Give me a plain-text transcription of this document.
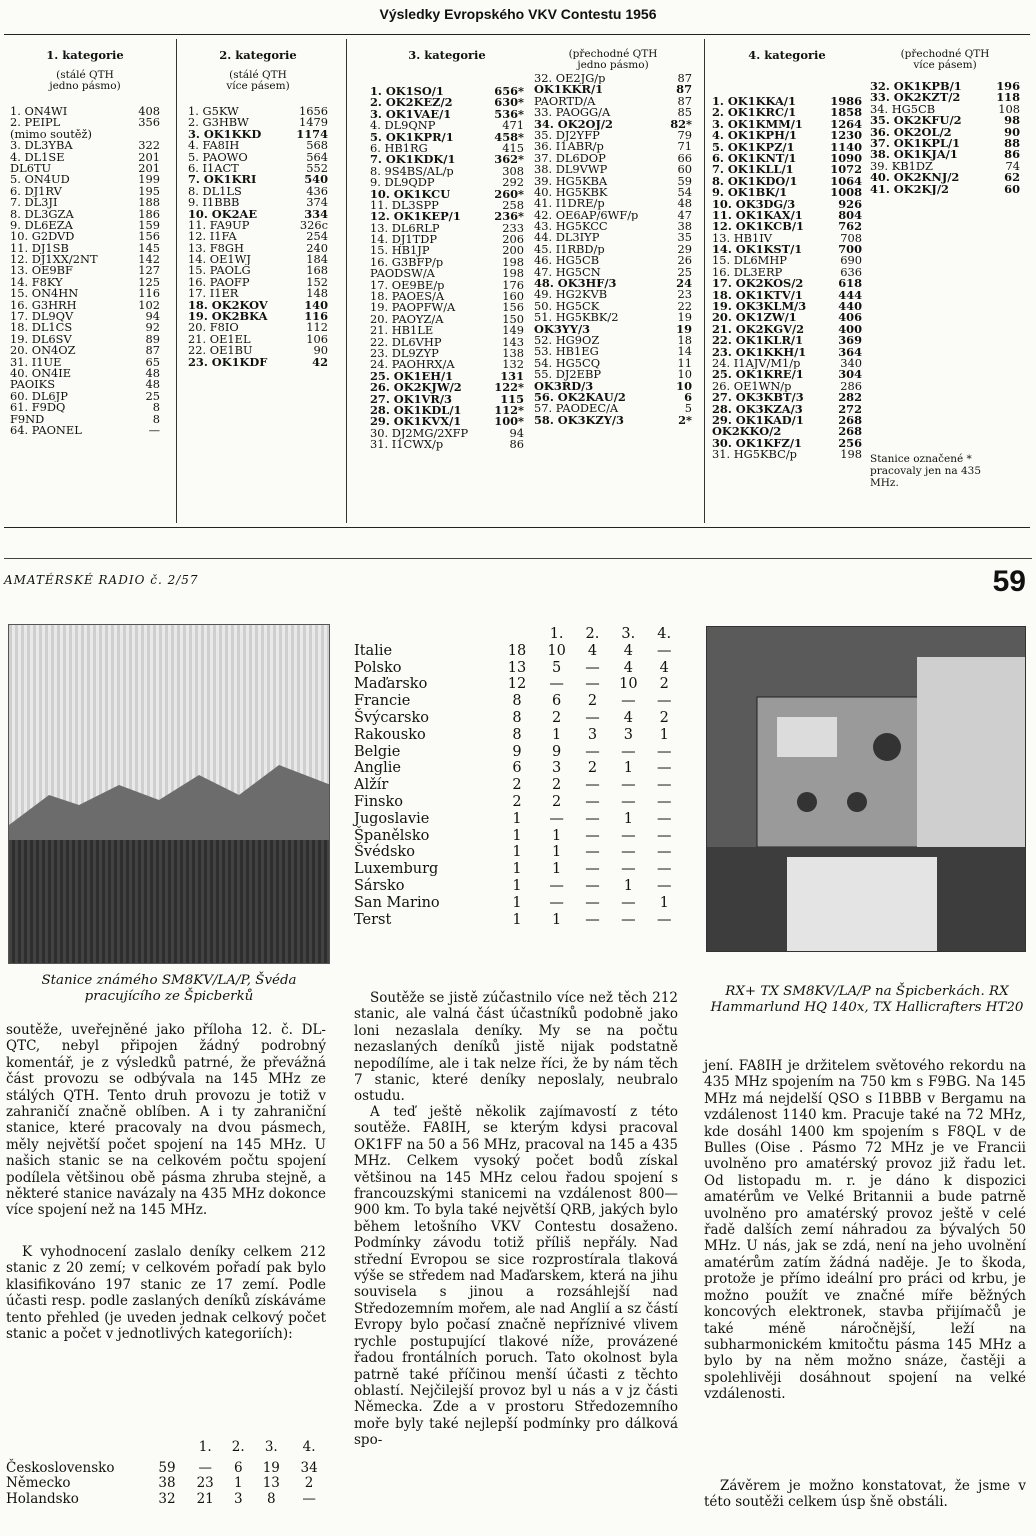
Výsledky Evropského VKV Contestu 1956
1. kategorie
(stálé QTH
jedno pásmo)
1. ON4WI	408
2. PEIPL	356
(mimo soutěž)
3. DL3YBA	322
4. DL1SE	201
DL6TU	201
5. ON4UD	199
6. DJ1RV	195
7. DL3JI	188
8. DL3GZA	186
9. DL6EZA	159
10. G2DVD	156
11. DJ1SB	145
12. DJ1XX/2NT	142
13. OE9BF	127
14. F8KY	125
15. ON4HN	116
16. G3HRH	102
17. DL9QV	94
18. DL1CS	92
19. DL6SV	89
20. ON4OZ	87
31. I1UE	65
40. ON4IE	48
PAOIKS	48
60. DL6JP	25
61. F9DQ	8
F9ND	8
64. PAONEL	—
2. kategorie
(stálé QTH
více pásem)
1. G5KW	1656
2. G3HBW	1479
3. OK1KKD	1174
4. FA8IH	568
5. PAOWO	564
6. I1ACT	552
7. OK1KRI	540
8. DL1LS	436
9. I1BBB	374
10. OK2AE	334
11. FA9UP	326c
12. I1FA	254
13. F8GH	240
14. OE1WJ	184
15. PAOLG	168
16. PAOFP	152
17. I1ER	148
18. OK2KOV	140
19. OK2BKA	116
20. F8IO	112
21. OE1EL	106
22. OE1BU	90
23. OK1KDF	42
3. kategorie
1. OK1SO/1	656*
2. OK2KEZ/2	630*
3. OK1VAE/1	536*
4. DL9QNP	471
5. OK1KPR/1	458*
6. HB1RG	415
7. OK1KDK/1	362*
8. 9S4BS/AL/p	308
9. DL9QDP	292
10. OK1KCU	260*
11. DL3SPP	258
12. OK1KEP/1	236*
13. DL6RLP	233
14. DJ1TDP	206
15. HB1JP	200
16. G3BFP/p	198
PAODSW/A	198
17. OE9BE/p	176
18. PAOES/A	160
19. PAOPFW/A	156
20. PAOYZ/A	150
21. HB1LE	149
22. DL6VHP	143
23. DL9ZYP	138
24. PAOHRX/A	132
25. OK1EH/1	131
26. OK2KJW/2	122*
27. OK1VR/3	115
28. OK1KDL/1	112*
29. OK1KVX/1	100*
30. DJ2MG/2XFP	94
31. I1CWX/p	86
(přechodné QTH
jedno pásmo)
32. OE2JG/p	87
OK1KKR/1	87
PAORTD/A	87
33. PAOGG/A	85
34. OK2OJ/2	82*
35. DJ2YFP	79
36. I1ABR/p	71
37. DL6DOP	66
38. DL9VWP	60
39. HG5KBA	59
40. HG5KBK	54
41. I1DRE/p	48
42. OE6AP/6WF/p	47
43. HG5KCC	38
44. DL3IYP	35
45. I1RBD/p	29
46. HG5CB	26
47. HG5CN	25
48. OK3HF/3	24
49. HG2KVB	23
50. HG5CK	22
51. HG5KBK/2	19
OK3YY/3	19
52. HG9OZ	18
53. HB1EG	14
54. HG5CQ	11
55. DJ2EBP	10
OK3RD/3	10
56. OK2KAU/2	6
57. PAODEC/A	5
58. OK3KZY/3	2*
4. kategorie
1. OK1KKA/1	1986
2. OK1KRC/1	1858
3. OK1KMM/1	1264
4. OK1KPH/1	1230
5. OK1KPZ/1	1140
6. OK1KNT/1	1090
7. OK1KLL/1	1072
8. OK1KDO/1	1064
9. OK1BK/1	1008
10. OK3DG/3	926
11. OK1KAX/1	804
12. OK1KCB/1	762
13. HB1IV	708
14. OK1KST/1	700
15. DL6MHP	690
16. DL3ERP	636
17. OK2KOS/2	618
18. OK1KTV/1	444
19. OK3KLM/3	440
20. OK1ZW/1	406
21. OK2KGV/2	400
22. OK1KLR/1	369
23. OK1KKH/1	364
24. I1AJV/M1/p	340
25. OK1KRE/1	304
26. OE1WN/p	286
27. OK3KBT/3	282
28. OK3KZA/3	272
29. OK1KAD/1	268
OK2KKO/2	268
30. OK1KFZ/1	256
31. HG5KBC/p	198
(přechodné QTH
více pásem)
32. OK1KPB/1	196
33. OK2KZT/2	118
34. HG5CB	108
35. OK2KFU/2	98
36. OK2OL/2	90
37. OK1KPL/1	88
38. OK1KJA/1	86
39. KB1DZ	74
40. OK2KNJ/2	62
41. OK2KJ/2	60
Stanice označené * pracovaly jen na 435 MHz.
AMATÉRSKÉ RADIO č. 2/57	59
Stanice známého SM8KV/LA/P, Švéda pracujícího ze Špicberků
soutěže, uveřejněné jako příloha 12. č. DL-QTC, nebyl připojen žádný podrobný komentář, je z výsledků patrné, že převážná část provozu se odbývala na 145 MHz ze stálých QTH. Tento druh provozu je totiž v zahraničí značně oblíben. A i ty zahraniční stanice, které pracovaly na dvou pásmech, měly největší počet spojení na 145 MHz. U našich stanic se na celkovém počtu spojení podílela většinou obě pásma zhruba stejně, a některé stanice navázaly na 435 MHz dokonce více spojení než na 145 MHz.
K vyhodnocení zaslalo deníky celkem 212 stanic z 20 zemí; v celkovém pořadí pak bylo klasifikováno 197 stanic ze 17 zemí. Podle účasti resp. podle zaslaných deníků získáváme tento přehled (je uveden jednak celkový počet stanic a počet v jednotlivých kategoriích):
		1.	2.	3.	4.

Československo	59	—	6	19	34
Německo	38	23	1	13	2
Holandsko	32	21	3	8	—
		1.	2.	3.	4.
Italie	18	10	4	4	—
Polsko	13	5	—	4	4
Maďarsko	12	—	—	10	2
Francie	8	6	2	—	—
Švýcarsko	8	2	—	4	2
Rakousko	8	1	3	3	1
Belgie	9	9	—	—	—
Anglie	6	3	2	1	—
Alžír	2	2	—	—	—
Finsko	2	2	—	—	—
Jugoslavie	1	—	—	1	—
Španělsko	1	1	—	—	—
Švédsko	1	1	—	—	—
Luxemburg	1	1	—	—	—
Sársko	1	—	—	1	—
San Marino	1	—	—	—	1
Terst	1	1	—	—	—
Soutěže se jistě zúčastnilo více než těch 212 stanic, ale valná část účastníků podobně jako loni nezaslala deníky. My se na počtu nezaslaných deníků jistě nijak podstatně nepodílíme, ale i tak nelze říci, že by nám těch 7 stanic, které deníky neposlaly, neubralo ostudu.
A teď ještě několik zajímavostí z této soutěže. FA8IH, se kterým kdysi pracoval OK1FF na 50 a 56 MHz, pracoval na 145 a 435 MHz. Celkem vysoký počet bodů získal většinou na 145 MHz celou řadou spojení s francouzskými stanicemi na vzdálenost 800—900 km. To byla také největší QRB, jakých bylo během letošního VKV Contestu dosaženo. Podmínky závodu totiž příliš nepřály. Nad střední Evropou se sice rozprostírala tlaková výše se středem nad Maďarskem, která na jihu souvisela s jinou a rozsáhlejší nad Středozemním mořem, ale nad Anglií a sz částí Evropy bylo počasí značně nepříznivé vlivem rychle postupující tlakové níže, provázené řadou frontálních poruch. Tato okolnost byla patrně také příčinou menší účasti z těchto oblastí. Nejčilejší provoz byl u nás a v jz části Německa. Zde a v prostoru Středozemního moře byly také nejlepší podmínky pro dálková spo-
RX+ TX SM8KV/LA/P na Špicberkách. RX Hammarlund HQ 140x, TX Hallicrafters HT20
jení. FA8IH je držitelem světového rekordu na 435 MHz spojením na 750 km s F9BG. Na 145 MHz má nejdelší QSO s I1BBB v Bergamu na vzdálenost 1140 km. Pracuje také na 72 MHz, kde dosáhl 1400 km spojením s F8QL v de Bulles (Oise . Pásmo 72 MHz je ve Francii uvolněno pro amatérský provoz již řadu let. Od listopadu m. r. je dáno k dispozici amatérům ve Velké Britannii a bude patrně uvolněno pro amatérský provoz ještě v celé řadě dalších zemí náhradou za bývalých 50 MHz. U nás, jak se zdá, není na jeho uvolnění amatérům zatím žádná naděje. Je to škoda, protože je přímo ideální pro práci od krbu, je možno použít ve značné míře běžných koncových elektronek, stavba přijímačů je také méně náročnější, leží na subharmonickém kmitočtu pásma 145 MHz a bylo by na něm možno snáze, častěji a spolehlivěji dosáhnout spojení na velké vzdálenosti.
Závěrem je možno konstatovat, že jsme v této soutěži celkem úsp šně obstáli.
